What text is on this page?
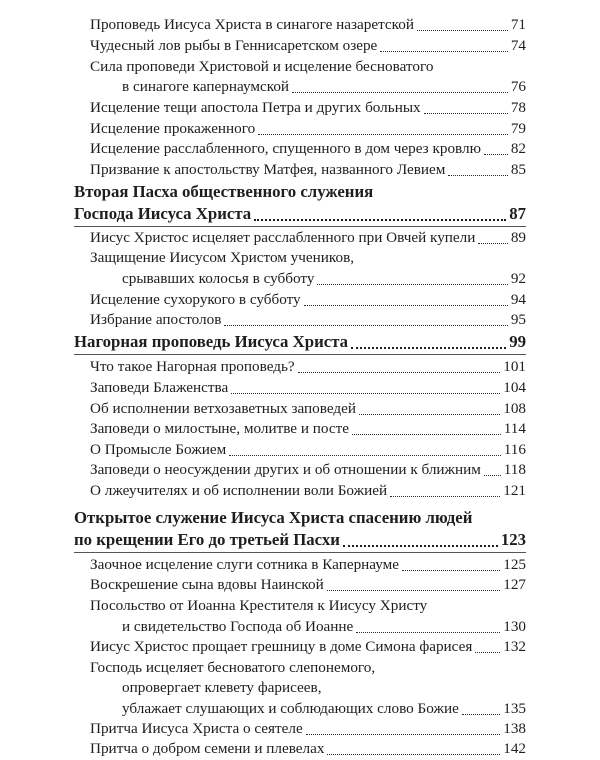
Проповедь Иисуса Христа в синагоге назаретской	71
Чудесный лов рыбы в Геннисаретском озере	74
Сила проповеди Христовой и исцеление бесноватого
в синагоге капернаумской	76
Исцеление тещи апостола Петра и других больных	78
Исцеление прокаженного	79
Исцеление расслабленного, спущенного в дом через кровлю 82
Призвание к апостольству Матфея, названного Левием	85
Вторая Пасха общественного служения
Господа Иисуса Христа	87
Иисус Христос исцеляет расслабленного при Овчей купели 89
Защищение Иисусом Христом учеников,
срывавших колосья в субботу	92
Исцеление сухорукого в субботу	94
Избрание апостолов	95
Нагорная проповедь Иисуса Христа	99
Что такое Нагорная проповедь?	101
Заповеди Блаженства	104
Об исполнении ветхозаветных заповедей	108
Заповеди о милостыне, молитве и посте	114
О Промысле Божием	116
Заповеди о неосуждении других и об отношении к ближним 118
О лжеучителях и об исполнении воли Божией	121
Открытое служение Иисуса Христа спасению людей
по крещении Его до третьей Пасхи	123
Заочное исцеление слуги сотника в Капернауме	125
Воскрешение сына вдовы Наинской	127
Посольство от Иоанна Крестителя к Иисусу Христу
и свидетельство Господа об Иоанне	130
Иисус Христос прощает грешницу в доме Симона фарисея 132
Господь исцеляет бесноватого слепонемого,
опровергает клевету фарисеев,
ублажает слушающих и соблюдающих слово Божие	135
Притча Иисуса Христа о сеятеле	138
Притча о добром семени и плевелах	142
